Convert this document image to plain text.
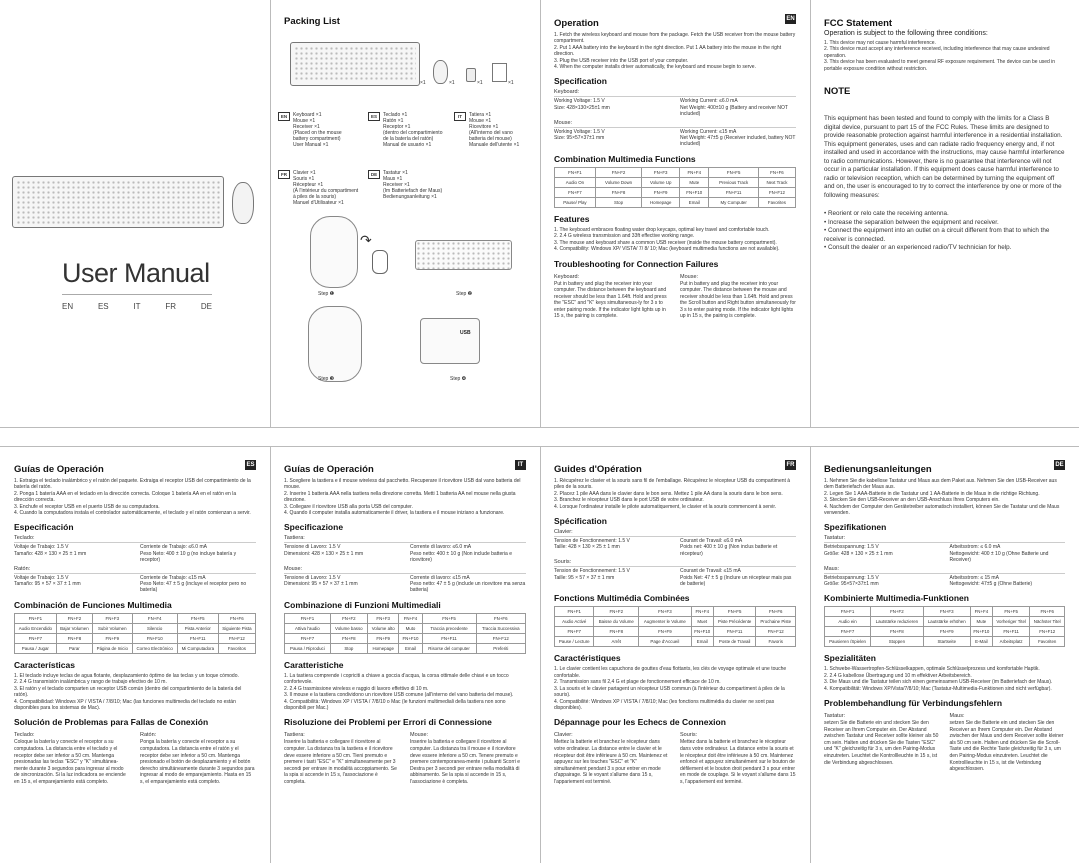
User Manual
EN	ES	IT	FR	DE
Packing List
×1	×1	×1	×1
EN Keyboard ×1
Mouse ×1
Receiver ×1
(Placed on the mouse
battery compartment)
User Manual ×1
ES Teclado ×1
Ratón ×1
Receptor ×1
(dentro del compartimiento
de la batería del ratón)
Manual de usuario ×1
IT Tatiera ×1
Mouse ×1
Ricevitore ×1
(All'interno del vano
batteria del mouse)
Manuale dell'utente ×1
FR Clavier ×1
Souris ×1
Récepteur ×1
(À l'intérieur du compartiment
à piles de la souris)
Manuel d'Utilisateur ×1
DE Tastatur ×1
Maus ×1
Receiver ×1
(Im Batteriefach der Maus)
Bedienungsanleitung ×1
↷
Step ❶	Step ❷
Step ❸
USB
Step ❹
EN
Operation
1. Fetch the wireless keyboard and mouse from the package. Fetch the USB receiver from the mouse battery compartment.
2. Put 1 AAA battery into the keyboard in the right direction. Put 1 AA battery into the mouse in the right direction.
3. Plug the USB receiver into the USB port of your computer.
4. When the computer installs driver automatically, the keyboard and mouse begin to serve.
Specification
Keyboard:
Working Voltage: 1.5 V
Size: 428×130×25±1 mm
Working Current: ≤6.0 mA
Net Weight: 400±10 g (Battery and receiver NOT included)
Mouse:
Working Voltage: 1.5 V
Size: 95×57×37±1 mm
Working Current: ≤15 mA
Net Weight: 47±5 g (Receiver included, battery NOT included)
Combination Multimedia Functions
FN+F1	FN+F2	FN+F3	FN+F4	FN+F5	FN+F6
Audio On	Volume Down	Volume Up	Mute	Previous Track	Next Track
FN+F7	FN+F8	FN+F9	FN+F10	FN+F11	FN+F12
Pause/ Play	Stop	Homepage	Email	My Computer	Favorites
Features
1. The keyboard embraces floating water drop keycaps, optimal key travel and comfortable touch.
2. 2.4 G wireless transmission and 33ft effective working range.
3. The mouse and keyboard share a common USB receiver (inside the mouse battery compartment).
4. Compatibility: Windows XP/ VISTA/ 7/ 8/ 10; Mac (keyboard multimedia functions are not available).
Troubleshooting for Connection Failures
Keyboard:
Put in battery and plug the receiver into your computer. The distance between the keyboard and receiver should be less than 1.64ft. Hold and press the "ESC" and "K" keys simultaneous-ly for 3 s to enter pairing mode. If the indicator light lights up in 15 s, the pairing is complete.
Mouse:
Put in battery and plug the receiver into your computer. The distance between the mouse and receiver should be less than 1.64ft. Hold and press the Scroll button and Right button simultaneously for 3 s to enter pairing mode. If the indicator light lights up in 15 s, the pairing is complete.
FCC Statement
Operation is subject to the following three conditions:
1. This device may not cause harmful interference.
2. This device must accept any interference received, including interference that may cause undesired operation.
3. This device has been evaluated to meet general RF exposure requirement. The device can be used in portable exposure condition without restriction.
NOTE
This equipment has been tested and found to comply with the limits for a Class B digital device, pursuant to part 15 of the FCC Rules. These limits are designed to provide reasonable protection against harmful interference in a residential installation. This equipment generates, uses and can radiate radio frequency energy and, if not installed and used in accordance with the instructions, may cause harmful interference to radio communications. However, there is no guarantee that interference will not occur in a particular installation. If this equipment does cause harmful interference to radio or television reception, which can be determined by turning the equipment off and on, the user is encouraged to try to correct the interference by one or more of the following measures:
• Reorient or relo cate the receiving antenna.
• Increase the separation between the equipment and receiver.
• Connect the equipment into an outlet on a circuit different from that to which the receiver is connected.
• Consult the dealer or an experienced radio/TV technician for help.
ES
Guías de Operación
1. Extraiga el teclado inalámbrico y el ratón del paquete. Extraiga el receptor USB del compartimiento de la batería del ratón.
2. Ponga 1 batería AAA en el teclado en la dirección correcta. Coloque 1 batería AA en el ratón en la dirección correcta.
3. Enchufe el receptor USB en el puerto USB de su computadora.
4. Cuando la computadora instala el controlador automáticamente, el teclado y el ratón comienzan a servir.
Especificación
Teclado:
Voltaje de Trabajo: 1.5 V
Tamaño: 428 × 130 × 25 ± 1 mm
Corriente de Trabajo: ≤6.0 mA
Peso Neto: 400 ± 10 g (no incluye batería y receptor)
Ratón:
Voltaje de Trabajo: 1.5 V
Tamaño: 95 × 57 × 37 ± 1 mm
Corriente de Trabajo: ≤15 mA
Peso Neto: 47 ± 5 g (incluye el receptor pero no batería)
Combinación de Funciones Multimedia
FN+F1	FN+F2	FN+F3	FN+F4	FN+F5	FN+F6
Audio Encendido	Bajar Volumen	Subir Volumen	Silencio	Pista Anterior	Siguiente Pista
FN+F7	FN+F8	FN+F9	FN+F10	FN+F11	FN+F12
Pausa / Jugar	Parar	Página de Inicio	Correo Electrónico	Mi Computadora	Favoritos
Características
1. El teclado incluye teclas de agua flotante, desplazamiento óptimo de las teclas y un toque cómodo.
2. 2.4 G transmisión inalámbrica y rango de trabajo efectivo de 10 m.
3. El ratón y el teclado comparten un receptor USB común (dentro del compartimiento de la batería del ratón).
4. Compatibilidad: Windows XP / VISTA / 7/8/10; Mac (las funciones multimedia del teclado no están disponibles para los sistemas de Mac).
Solución de Problemas para Fallas de Conexión
Teclado:
Coloque la batería y conecte el receptor a su computadora. La distancia entre el teclado y el receptor debe ser inferior a 50 cm. Mantenga presionadas las teclas "ESC" y "K" simultánea-mente durante 3 segundos para ingresar al modo de sincronización. Si la luz indicadora se enciende en 15 s, el emparejamiento está completo.
Ratón:
Ponga la batería y conecte el receptor a su computadora. La distancia entre el ratón y el receptor debe ser inferior a 50 cm. Mantenga presionado el botón de desplazamiento y el botón derecho simultáneamente durante 3 segundos para ingresar al modo de emparejamiento. Hasta en 15 s, el emparejamiento está completo.
IT
Guías de Operación
1. Scegliere la tastiera e il mouse wireless dal pacchetto. Recuperare il ricevitore USB dal vano batteria del mouse.
2. Inserire 1 batteria AAA nella tastiera nella direzione corretta. Metti 1 batteria AA nel mouse nella giusta direzione.
3. Collegare il ricevitore USB alla porta USB del computer.
4. Quando il computer installa automaticamente il driver, la tastiera e il mouse iniziano a funzionare.
Specificazione
Tastiera:
Tensione di Lavoro: 1.5 V
Dimensioni: 428 × 130 × 25 ± 1 mm
Corrente di lavoro: ≤6.0 mA
Peso netto: 400 ± 10 g (Non include batteria e ricevitore)
Mouse:
Tensione di Lavoro: 1.5 V
Dimensioni: 95 × 57 × 37 ± 1 mm
Corrente di lavoro: ≤15 mA
Peso netto: 47 ± 5 g (include un ricevitore ma senza batteria)
Combinazione di Funzioni Multimediali
FN+F1	FN+F2	FN+F3	FN+F4	FN+F5	FN+F6
Attiva l'audio	Volume basso	Volume alto	Muto	Traccia precedente	Traccia Successiva
FN+F7	FN+F8	FN+F9	FN+F10	FN+F11	FN+F12
Pausa / Riproduci	Stop	Homepage	Email	Risorse del computer	Preferiti
Caratteristiche
1. La tastiera comprende i copriciti a chiave a goccia d'acqua, la corsa ottimale delle chiavi e un tocco confortevole.
2. 2.4 G trasmissione wireless e raggio di lavoro effettivo di 10 m.
3. Il mouse e la tastiera condividono un ricevitore USB comune (all'interno del vano batteria del mouse).
4. Compatibilità: Windows XP / VISTA / 7/8/10 o Mac (le funzioni multimediali della tastiera non sono disponibili per Mac.)
Risoluzione dei Problemi per Errori di Connessione
Tastiera:
Inserire la batteria e collegare il ricevitore al computer. La distanza tra la tastiera e il ricevitore deve essere inferiore a 50 cm. Tieni premuto e premere i tasti "ESC" e "K" simultaneamente per 3 secondi per entrare in modalità accoppiamento. Se la spia si accende in 15 s, l'associazione è completa.
Mouse:
Inserire la batteria e collegare il ricevitore al computer. La distanza tra il mouse e il ricevitore deve essere inferiore a 50 cm. Tenere premuto e premere contemporanea-mente i pulsanti Scorri e Destra per 3 secondi per entrare nella modalità di abbinamento. Se la spia si accende in 15 s, l'associazione è completa.
FR
Guides d'Opération
1. Récupérez le clavier et la souris sans fil de l'emballage. Récupérez le récepteur USB du compartiment à piles de la souris.
2. Placez 1 pile AAA dans le clavier dans le bon sens. Mettez 1 pile AA dans la souris dans le bon sens.
3. Branchez le récepteur USB dans le port USB de votre ordinateur.
4. Lorsque l'ordinateur installe le pilote automatiquement, le clavier et la souris commencent à servir.
Spécification
Clavier:
Tension de Fonctionnement: 1.5 V
Taille: 428 × 130 × 25 ± 1 mm
Courant de Travail: ≤6.0 mA
Poids net: 400 ± 10 g (Non inclus batterie et récepteur)
Souris:
Tension de Fonctionnement: 1.5 V
Taille: 95 × 57 × 37 ± 1 mm
Courant de Travail: ≤15 mA
Poids Net: 47 ± 5 g (Inclure un récepteur mais pas de batterie)
Fonctions Multimédia Combinées
FN+F1	FN+F2	FN+F3	FN+F4	FN+F5	FN+F6
Audio Activé	Baisse du Volume	Augmenter le Volume	Muet	Piste Précédente	Prochaine Piste
FN+F7	FN+F8	FN+F9	FN+F10	FN+F11	FN+F12
Pause / Lecture	Arrêt	Page d'Accueil	Email	Poste de Travail	Favoris
Caractéristiques
1. Le clavier contient les capuchons de gouttes d'eau flottants, les clés de voyage optimale et une touche confortable.
2. Transmission sans fil 2,4 G et plage de fonctionnement efficace de 10 m.
3. La souris et le clavier partagent un récepteur USB commun (à l'intérieur du compartiment à piles de la souris).
4. Compatibilité: Windows XP / VISTA / 7/8/10; Mac (les fonctions multimédia du clavier ne sont pas disponibles).
Dépannage pour les Echecs de Connexion
Clavier:
Mettez la batterie et branchez le récepteur dans votre ordinateur. La distance entre le clavier et le récepteur doit être inférieure à 50 cm. Maintenez et appuyez sur les touches "ESC" et "K" simultanément pendant 3 s pour entrer en mode d'appairage. Si le voyant s'allume dans 15 s, l'appariement est terminé.
Souris:
Mettez dans la batterie et branchez le récepteur dans votre ordinateur. La distance entre la souris et le récepteur doit être inférieure à 50 cm. Maintenez enfoncé et appuyez simultanément sur le bouton de défilement et le bouton droit pendant 3 s pour entrer en mode de couplage. Si le voyant s'allume dans 15 s, l'appariement est terminé.
DE
Bedienungsanleitungen
1. Nehmen Sie die kabellose Tastatur und Maus aus dem Paket aus. Nehmen Sie den USB-Receiver aus dem Batteriefach der Maus aus.
2. Legen Sie 1 AAA-Batterie in die Tastatur und 1 AA-Batterie in die Maus in die richtige Richtung.
3. Stecken Sie den USB-Receiver an den USB-Anschluss Ihres Computers ein.
4. Nachdem der Computer den Gerätetreiber automatisch installiert, können Sie die Tastatur und die Maus verwenden.
Spezifikationen
Tastatur:
Betriebsspannung: 1.5 V
Größe: 428 × 130 × 25 ± 1 mm
Arbeitsstrom: ≤ 6.0 mA
Nettogewicht: 400 ± 10 g (Ohne Batterie und Receiver)
Maus:
Betriebsspannung: 1.5 V
Größe: 95×57×37±1 mm
Arbeitsstrom: ≤ 15 mA
Nettogewicht: 47±5 g (Ohne Batterie)
Kombinierte Multimedia-Funktionen
FN+F1	FN+F2	FN+F3	FN+F4	FN+F5	FN+F6
Audio ein	Lautstärke reduzieren	Lautstärke erhöhen	Mute	Vorheriger Titel	Nächster Titel
FN+F7	FN+F8	FN+F9	FN+F10	FN+F11	FN+F12
Pausieren /Spielen	Stoppen	Startseite	E-Mail	Arbeitsplatz	Favoriten
Spezialitäten
1. Schwebe-Wassertropfen-Schlüsselkappen, optimale Schlüsselprozess und komfortable Haptik.
2. 2.4 G kabellose Übertragung und 10 m effektiver Arbeitsbereich.
3. Die Maus und die Tastatur teilen sich einen gemeinsamen USB-Receiver (im Batteriefach der Maus).
4. Kompatibilität: Windows XP/Vista/7/8/10; Mac (Tastatur-Multimedia-Funktionen sind nicht verfügbar).
Problembehandlung für Verbindungsfehlern
Tastatur:
setzen Sie die Batterie ein und stecken Sie den Receiver an Ihrem Computer ein. Der Abstand zwischen Tastatur und Receiver sollte kleiner als 50 cm sein. Halten und drücken Sie die Tasten "ESC" und "K" gleichzeitig für 3 s, um den Pairing-Modus einzutreten. Leuchtet die Kontrollleuchte in 15 s, ist die Verbindung abgeschlossen.
Maus:
setzen Sie die Batterie ein und stecken Sie den Receiver an Ihrem Computer ein. Der Abstand zwischen der Maus und dem Receiver sollte kleiner als 50 cm sein. Halten und drücken Sie die Scroll-Taste und die Rechte Taste gleichzeitig für 3 s, um den Pairing-Modus einzutreten. Leuchtet die Kontrollleuchte in 15 s, ist die Verbindung abgeschlossen.
